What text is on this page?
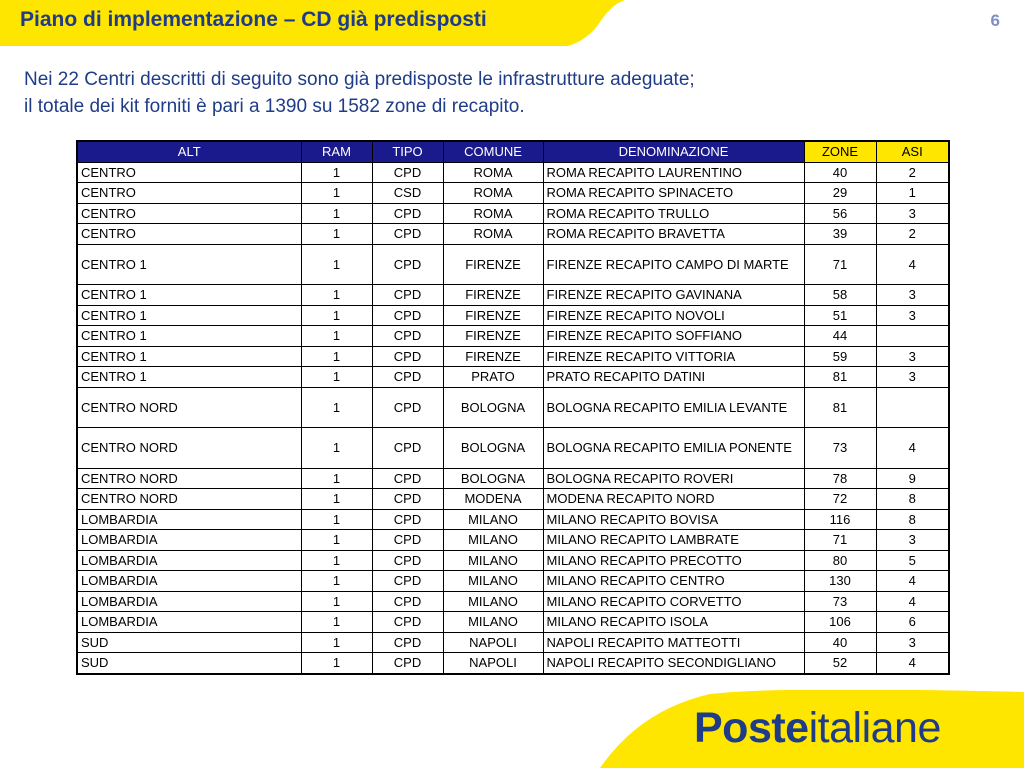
Piano di implementazione – CD già predisposti	6
Nei 22 Centri descritti di seguito sono già predisposte le infrastrutture adeguate;
il totale dei kit forniti è pari a 1390 su 1582 zone di recapito.
ALT	RAM	TIPO	COMUNE	DENOMINAZIONE	ZONE	ASI
CENTRO	1	CPD	ROMA	ROMA RECAPITO LAURENTINO	40	2
CENTRO	1	CSD	ROMA	ROMA RECAPITO SPINACETO	29	1
CENTRO	1	CPD	ROMA	ROMA RECAPITO TRULLO	56	3
CENTRO	1	CPD	ROMA	ROMA RECAPITO BRAVETTA	39	2
CENTRO 1	1	CPD	FIRENZE	FIRENZE RECAPITO CAMPO DI MARTE	71	4
CENTRO 1	1	CPD	FIRENZE	FIRENZE RECAPITO GAVINANA	58	3
CENTRO 1	1	CPD	FIRENZE	FIRENZE RECAPITO NOVOLI	51	3
CENTRO 1	1	CPD	FIRENZE	FIRENZE RECAPITO SOFFIANO	44	
CENTRO 1	1	CPD	FIRENZE	FIRENZE RECAPITO VITTORIA	59	3
CENTRO 1	1	CPD	PRATO	PRATO RECAPITO DATINI	81	3
CENTRO NORD	1	CPD	BOLOGNA	BOLOGNA RECAPITO EMILIA LEVANTE	81	
CENTRO NORD	1	CPD	BOLOGNA	BOLOGNA RECAPITO EMILIA PONENTE	73	4
CENTRO NORD	1	CPD	BOLOGNA	BOLOGNA RECAPITO ROVERI	78	9
CENTRO NORD	1	CPD	MODENA	MODENA RECAPITO NORD	72	8
LOMBARDIA	1	CPD	MILANO	MILANO RECAPITO BOVISA	116	8
LOMBARDIA	1	CPD	MILANO	MILANO RECAPITO LAMBRATE	71	3
LOMBARDIA	1	CPD	MILANO	MILANO RECAPITO PRECOTTO	80	5
LOMBARDIA	1	CPD	MILANO	MILANO RECAPITO CENTRO	130	4
LOMBARDIA	1	CPD	MILANO	MILANO RECAPITO CORVETTO	73	4
LOMBARDIA	1	CPD	MILANO	MILANO RECAPITO ISOLA	106	6
SUD	1	CPD	NAPOLI	NAPOLI RECAPITO MATTEOTTI	40	3
SUD	1	CPD	NAPOLI	NAPOLI RECAPITO SECONDIGLIANO	52	4
Posteitaliane
